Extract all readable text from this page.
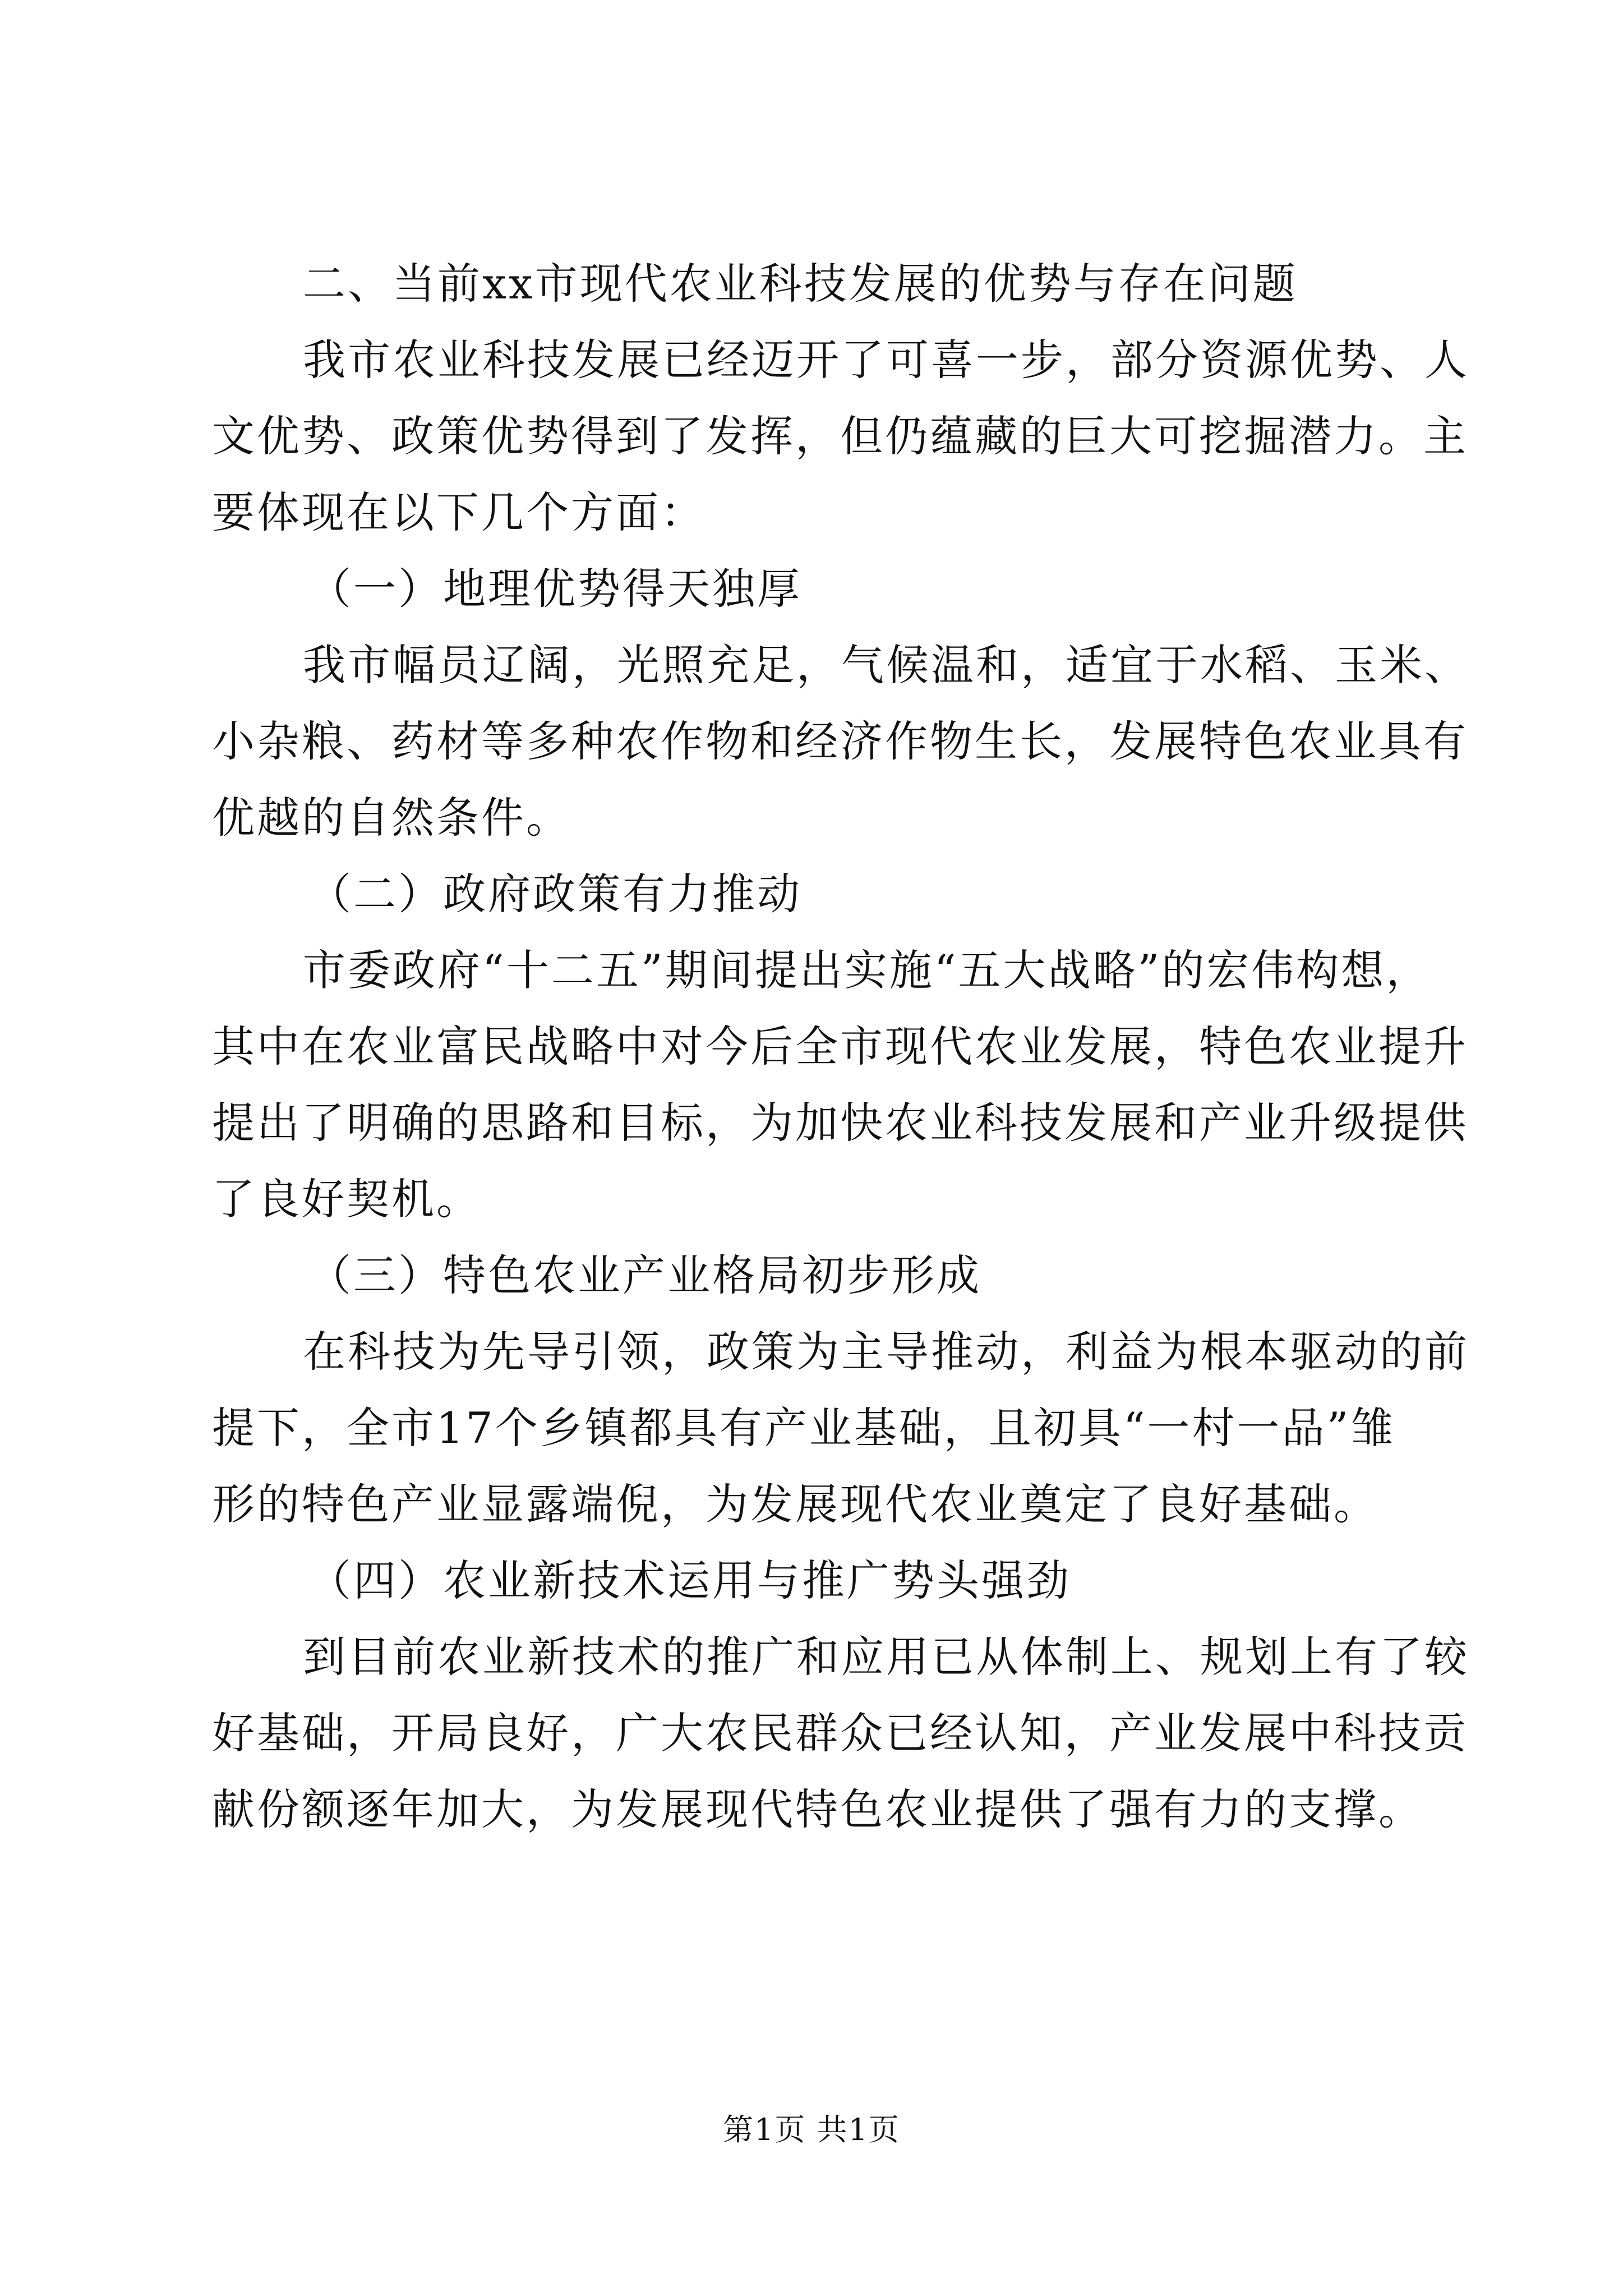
二、当前xx市现代农业科技发展的优势与存在问题
我市农业科技发展已经迈开了可喜一步，部分资源优势、人
文优势、政策优势得到了发挥，但仍蕴藏的巨大可挖掘潜力。主
要体现在以下几个方面：
（一）地理优势得天独厚
我市幅员辽阔，光照充足，气候温和，适宜于水稻、玉米、
小杂粮、药材等多种农作物和经济作物生长，发展特色农业具有
优越的自然条件。
（二）政府政策有力推动
市委政府“十二五”期间提出实施“五大战略”的宏伟构想，
其中在农业富民战略中对今后全市现代农业发展，特色农业提升
提出了明确的思路和目标，为加快农业科技发展和产业升级提供
了良好契机。
（三）特色农业产业格局初步形成
在科技为先导引领，政策为主导推动，利益为根本驱动的前
提下，全市17个乡镇都具有产业基础，且初具“一村一品”雏
形的特色产业显露端倪，为发展现代农业奠定了良好基础。
（四）农业新技术运用与推广势头强劲
到目前农业新技术的推广和应用已从体制上、规划上有了较
好基础，开局良好，广大农民群众已经认知，产业发展中科技贡
献份额逐年加大，为发展现代特色农业提供了强有力的支撑。
第1页 共1页
